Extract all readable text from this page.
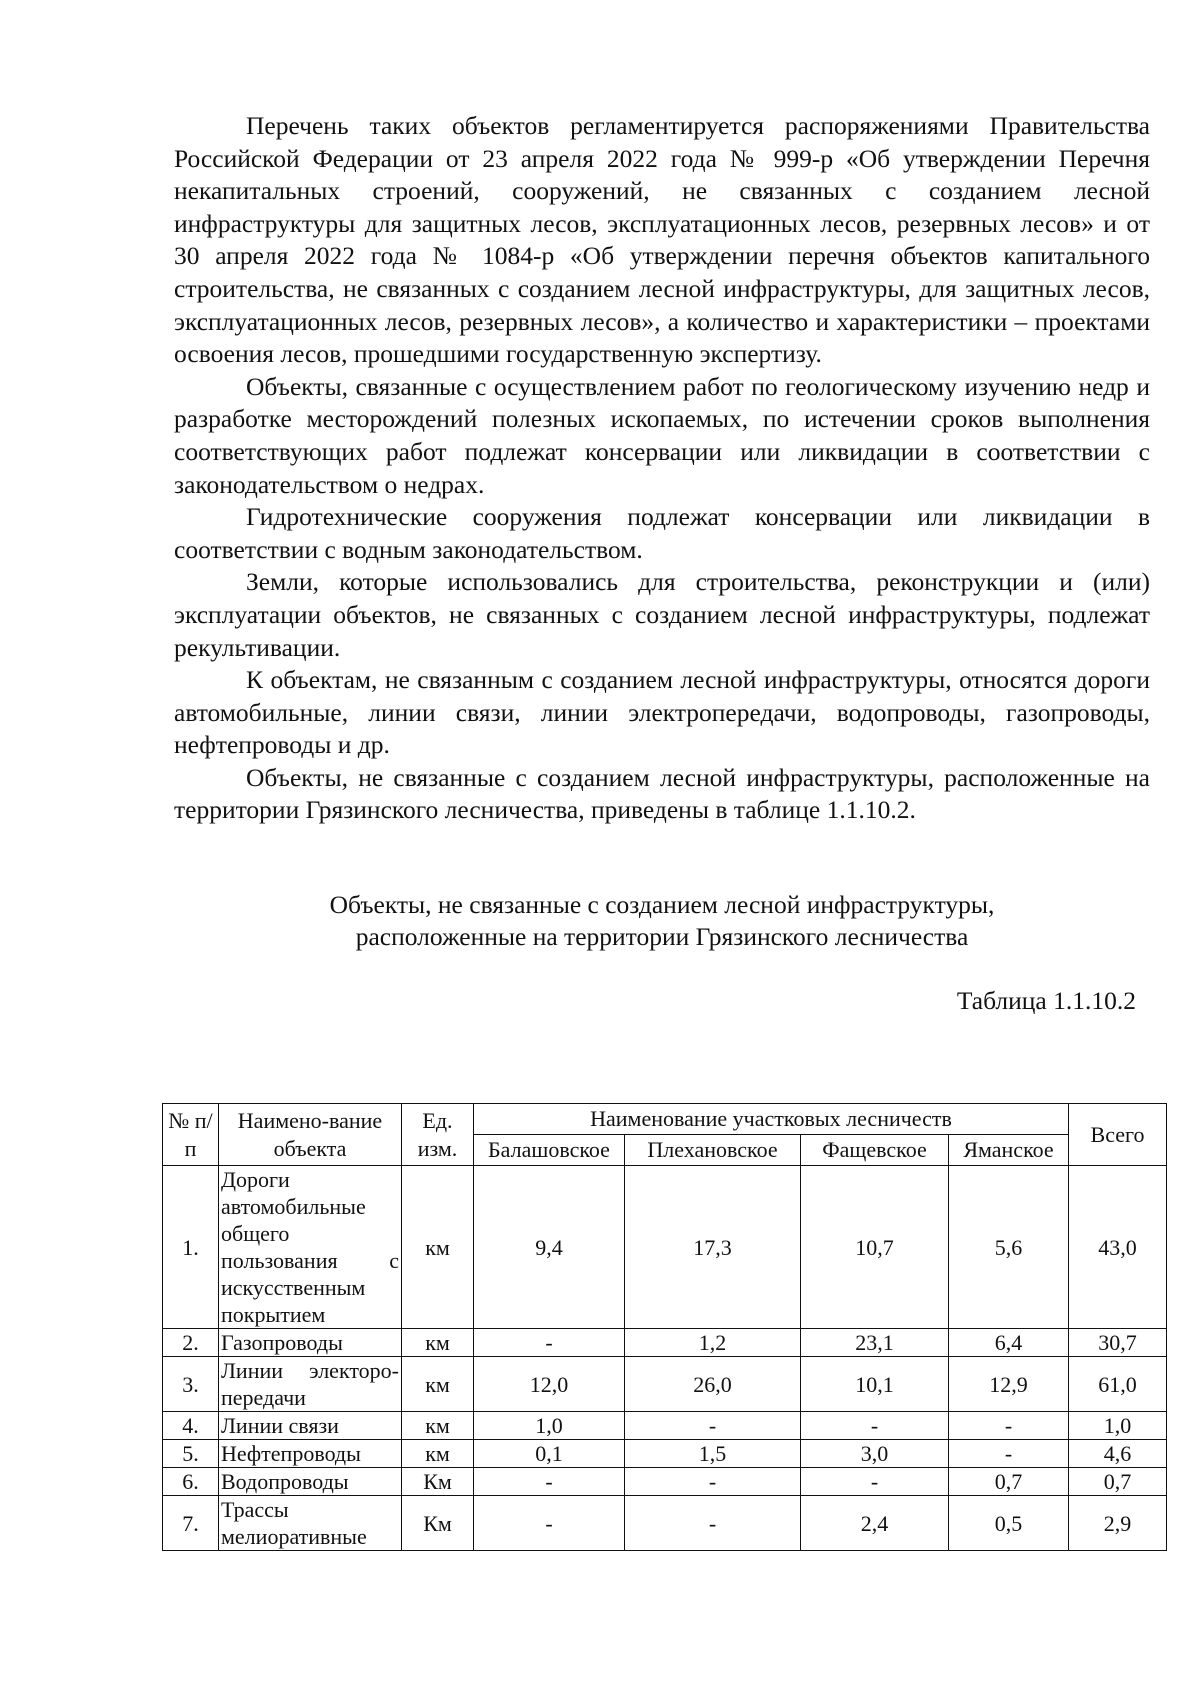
Перечень таких объектов регламентируется распоряжениями Правительства Российской Федерации от 23 апреля 2022 года № 999-р «Об утверждении Перечня некапитальных строений, сооружений, не связанных с созданием лесной инфраструктуры для защитных лесов, эксплуатационных лесов, резервных лесов» и от 30 апреля 2022 года № 1084-р «Об утверждении перечня объектов капитального строительства, не связанных с созданием лесной инфраструктуры, для защитных лесов, эксплуатационных лесов, резервных лесов», а количество и характеристики – проектами освоения лесов, прошедшими государственную экспертизу.

Объекты, связанные с осуществлением работ по геологическому изучению недр и разработке месторождений полезных ископаемых, по истечении сроков выполнения соответствующих работ подлежат консервации или ликвидации в соответствии с законодательством о недрах.

Гидротехнические сооружения подлежат консервации или ликвидации в соответствии с водным законодательством.

Земли, которые использовались для строительства, реконструкции и (или) эксплуатации объектов, не связанных с созданием лесной инфраструктуры, подлежат рекультивации.

К объектам, не связанным с созданием лесной инфраструктуры, относятся дороги автомобильные, линии связи, линии электропередачи, водопроводы, газопроводы, нефтепроводы и др.

Объекты, не связанные с созданием лесной инфраструктуры, расположенные на территории Грязинского лесничества, приведены в таблице 1.1.10.2.

Объекты, не связанные с созданием лесной инфраструктуры,
расположенные на территории Грязинского лесничества
Таблица 1.1.10.2
№ п/п	Наимено-вание объекта	Ед. изм.	Наименование участковых лесничеств				Всего
			Балашовское	Плехановское	Фащевское	Яманское	
1.	Дороги автомобильные общего пользования с искусственным покрытием	км	9,4	17,3	10,7	5,6	43,0
2.	Газопроводы	км	-	1,2	23,1	6,4	30,7
3.	Линии электоро-передачи	км	12,0	26,0	10,1	12,9	61,0
4.	Линии связи	км	1,0	-	-	-	1,0
5.	Нефтепроводы	км	0,1	1,5	3,0	-	4,6
6.	Водопроводы	Км	-	-	-	0,7	0,7
7.	Трассы мелиоративные	Км	-	-	2,4	0,5	2,9
